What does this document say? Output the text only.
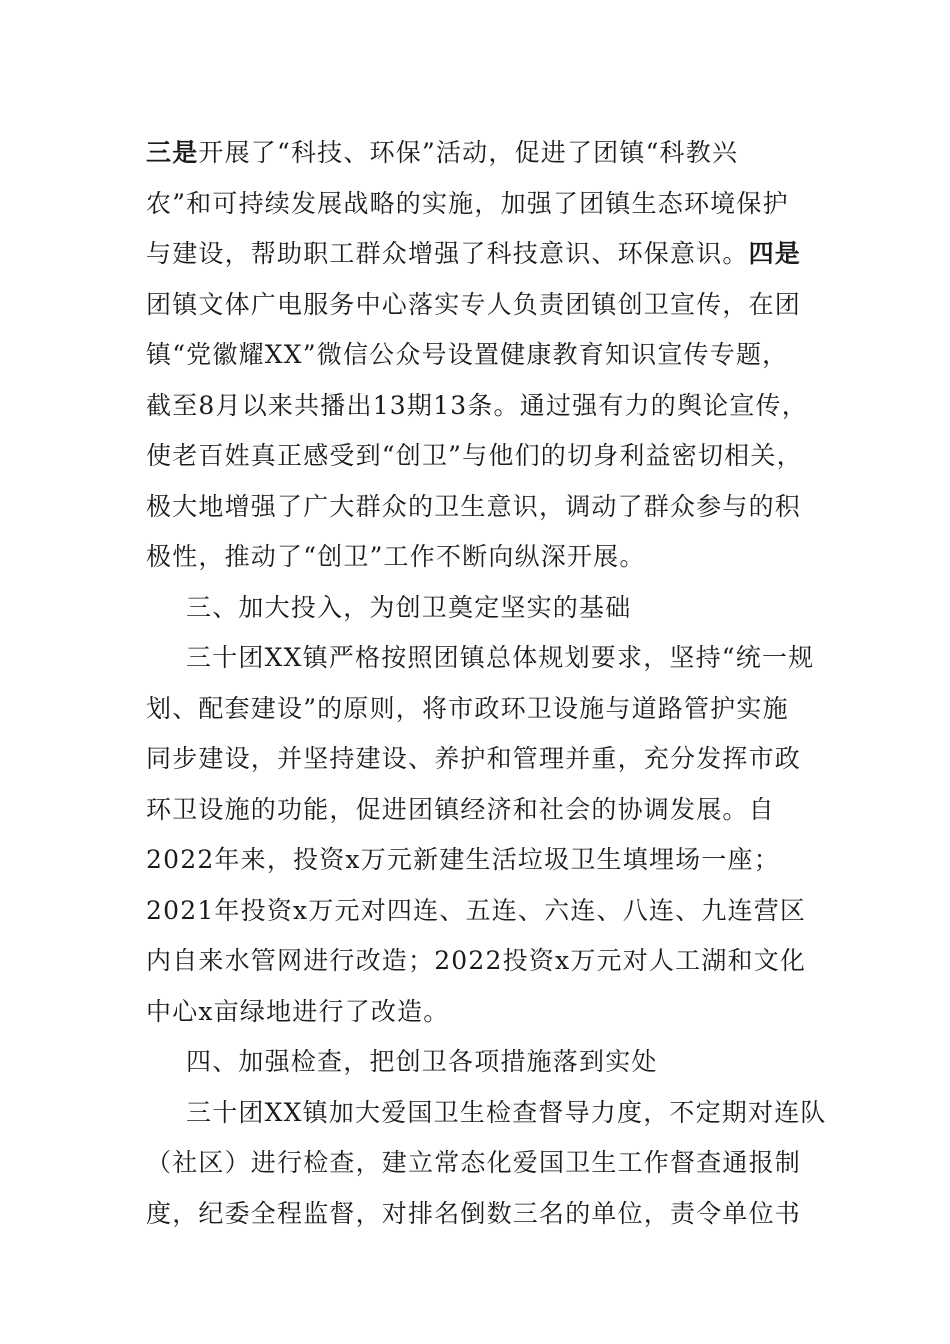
三是开展了“科技、环保”活动，促进了团镇“科教兴
农”和可持续发展战略的实施，加强了团镇生态环境保护
与建设，帮助职工群众增强了科技意识、环保意识。四是
团镇文体广电服务中心落实专人负责团镇创卫宣传，在团
镇“党徽耀XX”微信公众号设置健康教育知识宣传专题，
截至8月以来共播出13期13条。通过强有力的舆论宣传，
使老百姓真正感受到“创卫”与他们的切身利益密切相关，
极大地增强了广大群众的卫生意识，调动了群众参与的积
极性，推动了“创卫”工作不断向纵深开展。
三、加大投入，为创卫奠定坚实的基础
三十团XX镇严格按照团镇总体规划要求，坚持“统一规
划、配套建设”的原则，将市政环卫设施与道路管护实施
同步建设，并坚持建设、养护和管理并重，充分发挥市政
环卫设施的功能，促进团镇经济和社会的协调发展。自
2022年来，投资x万元新建生活垃圾卫生填埋场一座；
2021年投资x万元对四连、五连、六连、八连、九连营区
内自来水管网进行改造；2022投资x万元对人工湖和文化
中心x亩绿地进行了改造。
四、加强检查，把创卫各项措施落到实处
三十团XX镇加大爱国卫生检查督导力度，不定期对连队
（社区）进行检查，建立常态化爱国卫生工作督查通报制
度，纪委全程监督，对排名倒数三名的单位，责令单位书
